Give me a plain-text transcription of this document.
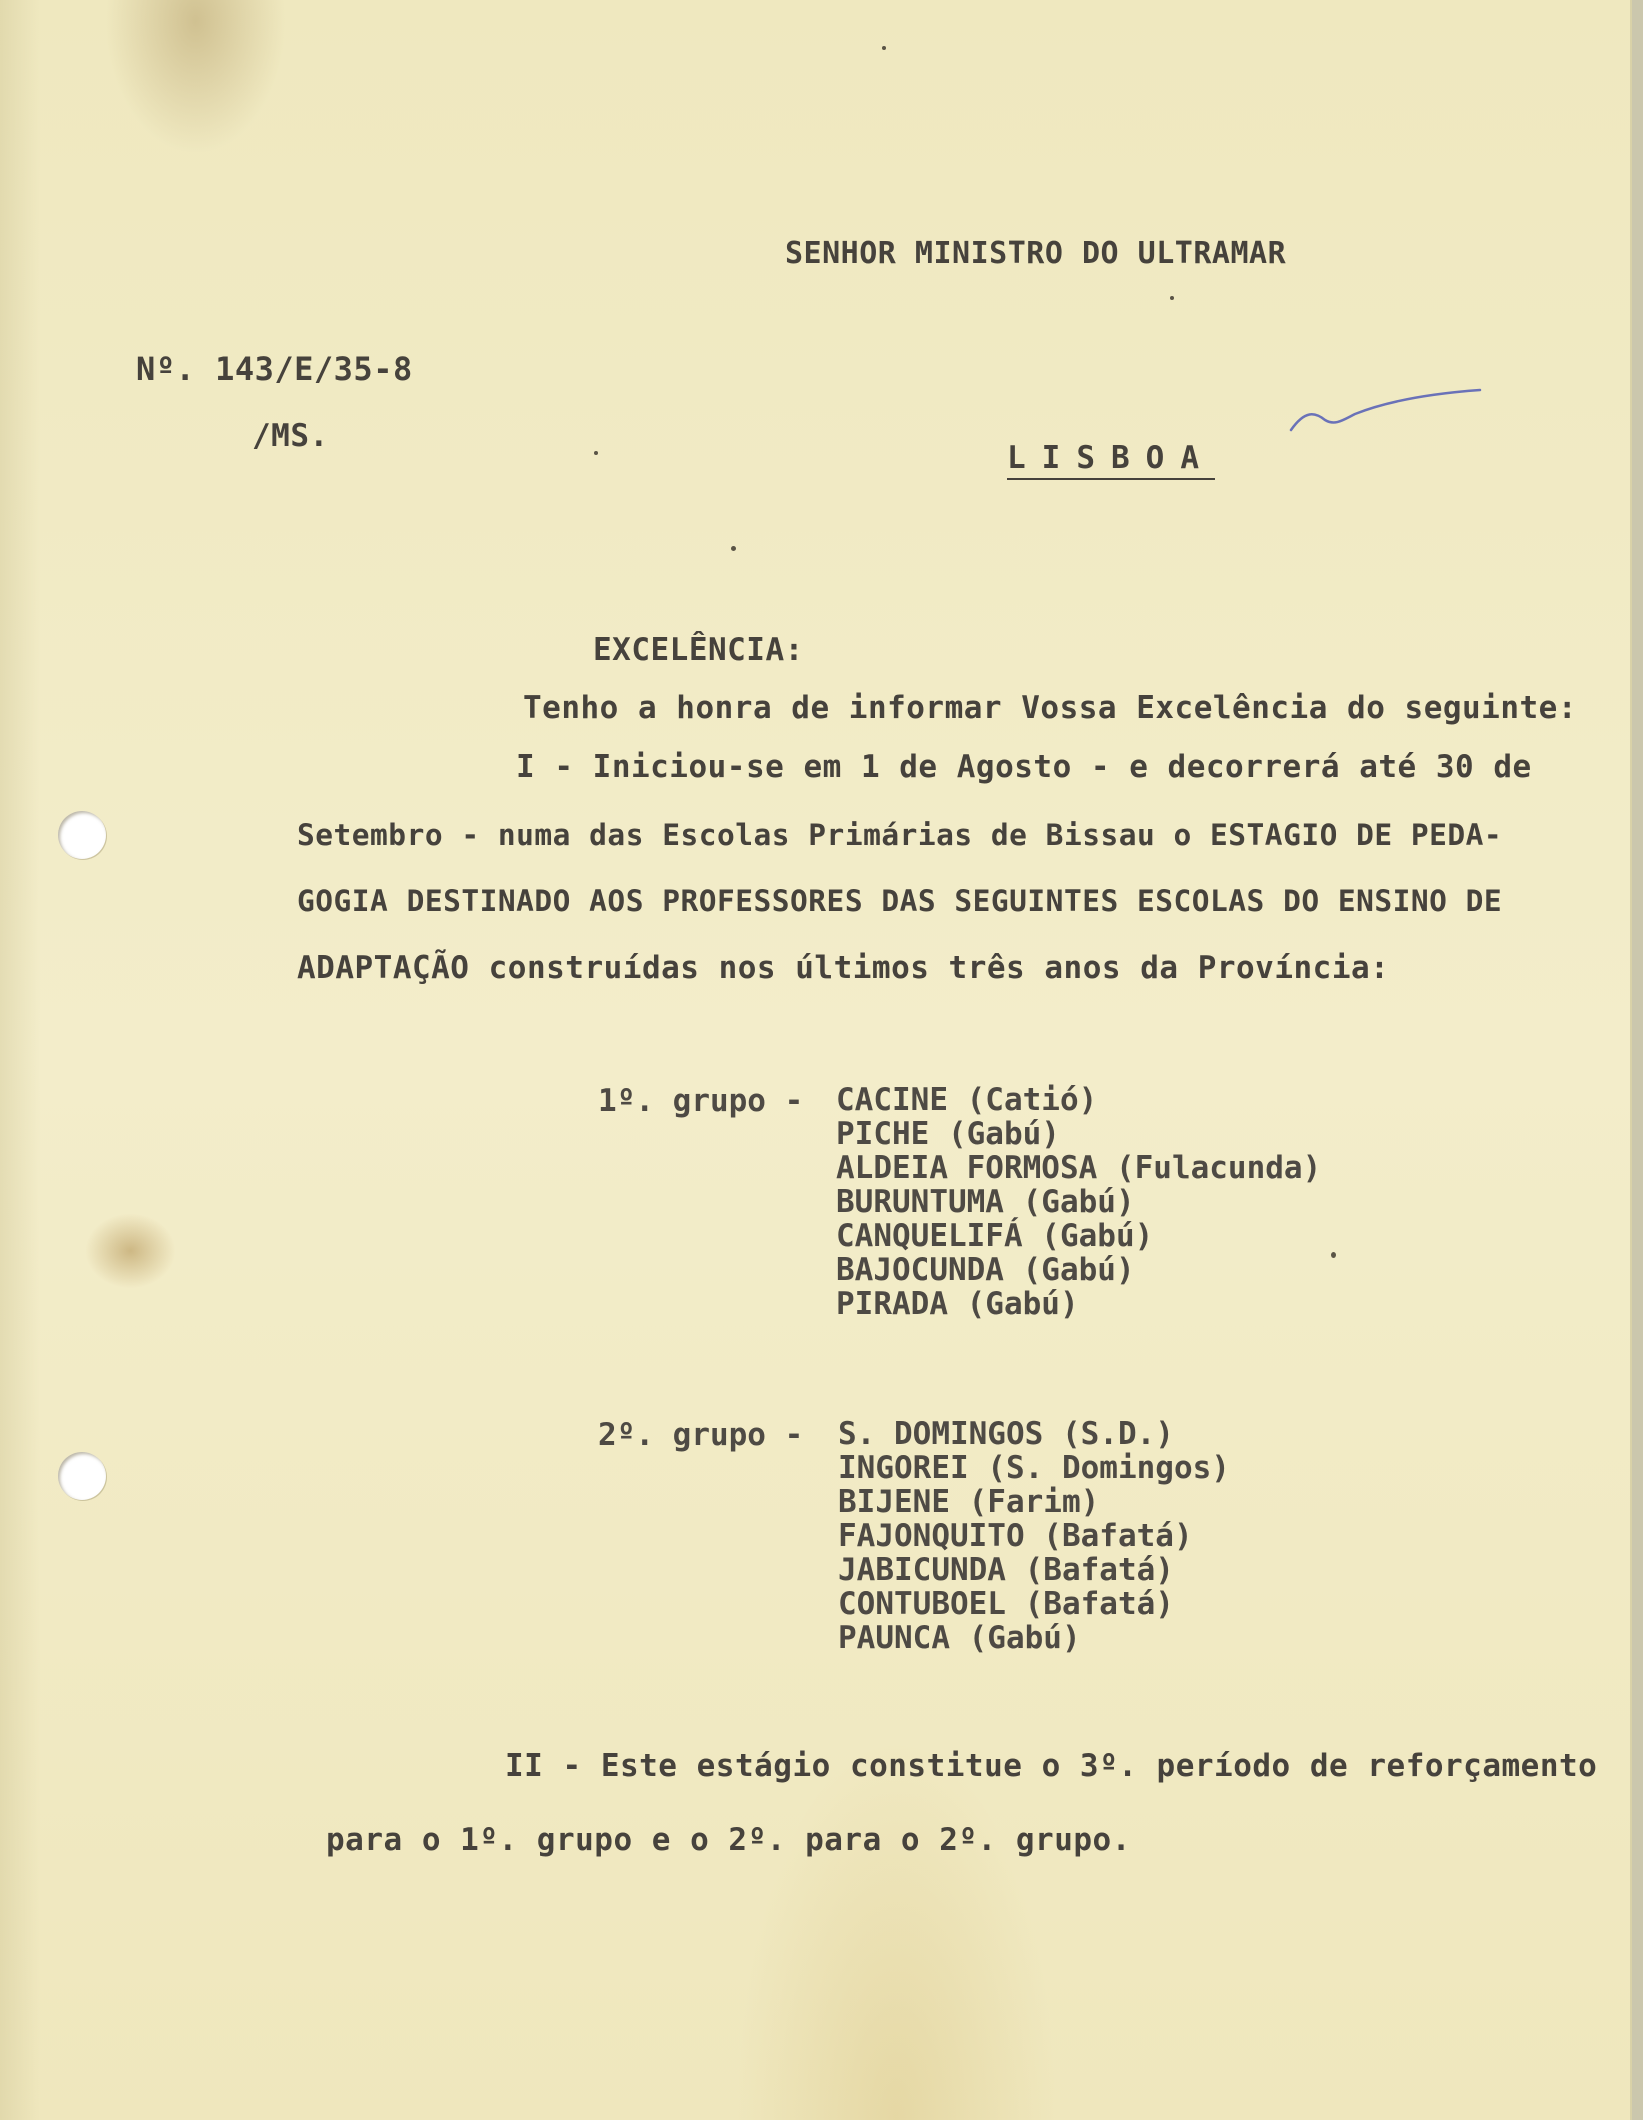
SENHOR MINISTRO DO ULTRAMAR
Nº. 143/E/35-8
/MS.
LISBOA
EXCELÊNCIA:
Tenho a honra de informar Vossa Excelência do seguinte:
I - Iniciou-se em 1 de Agosto - e decorrerá até 30 de
Setembro - numa das Escolas Primárias de Bissau o ESTAGIO DE PEDA-
GOGIA DESTINADO AOS PROFESSORES DAS SEGUINTES ESCOLAS DO ENSINO DE
ADAPTAÇÃO construídas nos últimos três anos da Província:
1º. grupo - CACINE (Catió)
PICHE (Gabú)
ALDEIA FORMOSA (Fulacunda)
BURUNTUMA (Gabú)
CANQUELIFÁ (Gabú)
BAJOCUNDA (Gabú)
PIRADA (Gabú)
2º. grupo - S. DOMINGOS (S.D.)
INGOREI (S. Domingos)
BIJENE (Farim)
FAJONQUITO (Bafatá)
JABICUNDA (Bafatá)
CONTUBOEL (Bafatá)
PAUNCA (Gabú)
II - Este estágio constitue o 3º. período de reforçamento
para o 1º. grupo e o 2º. para o 2º. grupo.
